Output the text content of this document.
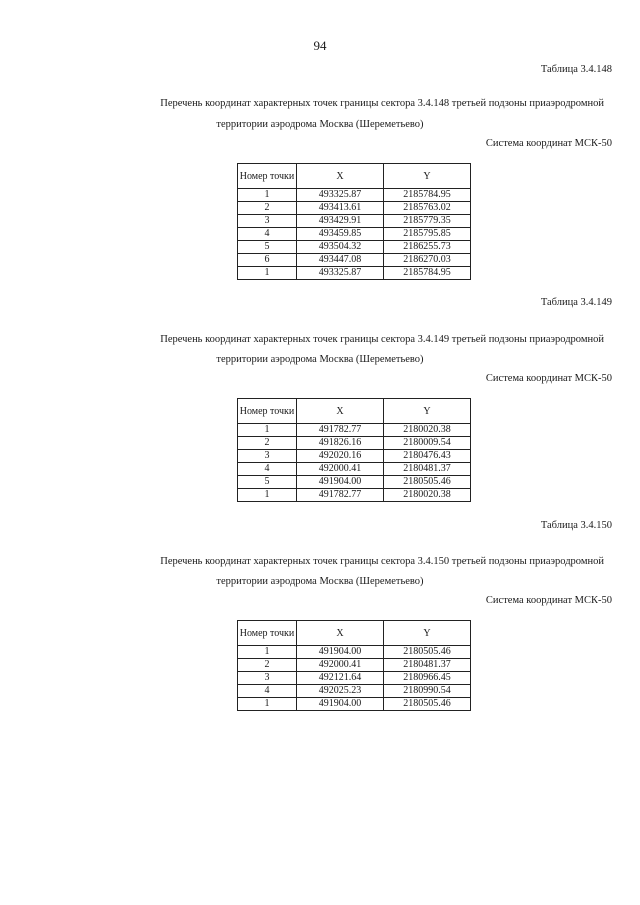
94
Таблица 3.4.148
Перечень координат характерных точек границы сектора 3.4.148 третьей подзоны приаэродромной
территории аэродрома Москва (Шереметьево)
Система координат МСК-50
Номер точки	X	Y
1	493325.87	2185784.95
2	493413.61	2185763.02
3	493429.91	2185779.35
4	493459.85	2185795.85
5	493504.32	2186255.73
6	493447.08	2186270.03
1	493325.87	2185784.95
Таблица 3.4.149
Перечень координат характерных точек границы сектора 3.4.149 третьей подзоны приаэродромной
территории аэродрома Москва (Шереметьево)
Система координат МСК-50
Номер точки	X	Y
1	491782.77	2180020.38
2	491826.16	2180009.54
3	492020.16	2180476.43
4	492000.41	2180481.37
5	491904.00	2180505.46
1	491782.77	2180020.38
Таблица 3.4.150
Перечень координат характерных точек границы сектора 3.4.150 третьей подзоны приаэродромной
территории аэродрома Москва (Шереметьево)
Система координат МСК-50
Номер точки	X	Y
1	491904.00	2180505.46
2	492000.41	2180481.37
3	492121.64	2180966.45
4	492025.23	2180990.54
1	491904.00	2180505.46
